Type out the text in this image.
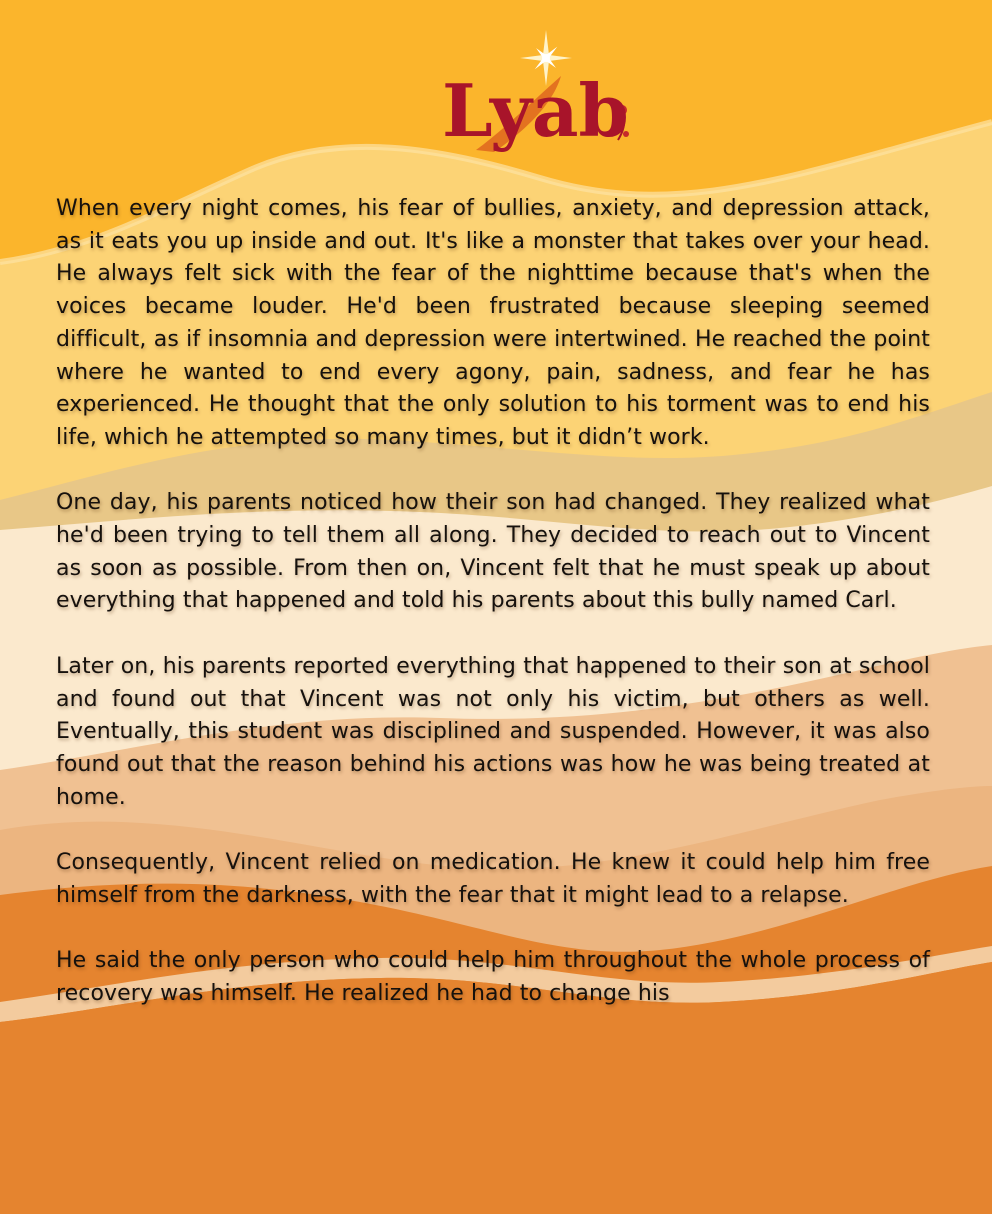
Lyab

When every night comes, his fear of bullies, anxiety, and depression attack, as it eats you up inside and out. It's like a monster that takes over your head. He always felt sick with the fear of the nighttime because that's when the voices became louder. He'd been frustrated because sleeping seemed difficult, as if insomnia and depression were intertwined. He reached the point where he wanted to end every agony, pain, sadness, and fear he has experienced. He thought that the only solution to his torment was to end his life, which he attempted so many times, but it didn’t work.

One day, his parents noticed how their son had changed. They realized what he'd been trying to tell them all along. They decided to reach out to Vincent as soon as possible. From then on, Vincent felt that he must speak up about everything that happened and told his parents about this bully named Carl.

Later on, his parents reported everything that happened to their son at school and found out that Vincent was not only his victim, but others as well. Eventually, this student was disciplined and suspended. However, it was also found out that the reason behind his actions was how he was being treated at home.

Consequently, Vincent relied on medication. He knew it could help him free himself from the darkness, with the fear that it might lead to a relapse.

He said the only person who could help him throughout the whole process of recovery was himself. He realized he had to change his
